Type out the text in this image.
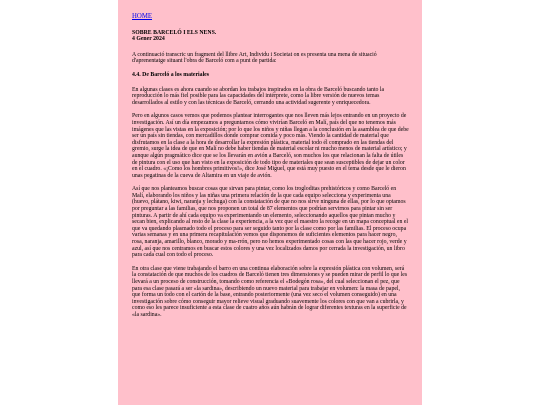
HOME
SOBRE BARCELÓ I ELS NENS.
4 Gener 2024

A continuació transcric un fragment del llibre Art, Individu i Societat on es presenta una mena de situació d'aprenentatge situant l'obra de Barceló com a punt de partida:

4.4. De Barceló a los materiales

En algunas clases es ahora cuando se abordan los trabajos inspirados en la obra de Barceló buscando tanto la reproducción lo más fiel posible para las capacidades del intérprete, como la libre versión de nuevos temas desarrollados al estilo y con las técnicas de Barceló, cerrando una actividad sugerente y enriquecedora.

Pero en algunos casos vemos que podemos plantear interrogantes que nos lleven más lejos entrando en un proyecto de investigación. Así un día empezamos a preguntarnos cómo vivirían Barceló en Malí, país del que no tenemos más imágenes que las vistas en la exposición; por lo que los niños y niñas llegan a la conclusión en la asamblea de que debe ser un país sin tiendas, con mercadillos donde comprar comida y poco más. Viendo la cantidad de material que disfrutamos en la clase a la hora de desarrollar la expresión plástica, material todo él comprado en las tiendas del gremio, surge la idea de que en Malí no debe haber tiendas de material escolar ni mucho menos de material artístico; y aunque algún pragmático dice que se los llevarán en avión a Barceló, son muchos los que relacionan la falta de útiles de pintura con el uso que han visto en la exposición de todo tipo de materiales que sean susceptibles de dejar un color en el cuadro. «¡Como los hombres primitivos!», dice José Miguel, que está muy puesto en el tema desde que le dieron unas pegatinas de la cueva de Altamira en un viaje de avión.

Así que nos planteamos buscar cosas que sirvan para pintar, como los trogloditas prehistóricos y como Barceló en Malí, elaborando los niños y las niñas una primera relación de la que cada equipo selecciona y experimenta una (huevo, plátano, kiwi, naranja y lechuga) con la constatación de que no nos sirve ninguna de ellas, por lo que optamos por preguntar a las familias, que nos proponen un total de 87 elementos que podrían servirnos para pintar sin ser pinturas. A partir de ahí cada equipo va experimentando un elemento, seleccionando aquellos que pintan mucho y secan bien, explicando al resto de la clase la experiencia, a la vez que el maestro la recoge en un mapa conceptual en el que va quedando plasmado todo el proceso para ser seguido tanto por la clase como por las familias. El proceso ocupa varias semanas y en una primera recapitulación vemos que disponemos de suficientes elementos para hacer negro, rosa, naranja, amarillo, blanco, morado y ma-rrón, pero no hemos experimentado cosas con las que hacer rojo, verde y azul, así que nos centramos en buscar estos colores y una vez localizados damos por cerrada la investigación, un libro para cada cual con todo el proceso.

En otra clase que viene trabajando el barro en una continua elaboración sobre la expresión plástica con volumen, será la constatación de que muchos de los cuadros de Barceló tienen tres dimensiones y se pueden mirar de perfil lo que les llevará a un proceso de construcción, tomando como referencia el «Bodegón rosa», del cual seleccionan el pez, que para esa clase pasará a ser «la sardina», describiendo un nuevo material para trabajar en volumen: la masa de papel, que forma un todo con el cartón de la base, entrando posteriormente (una vez seco el volumen conseguido) en una investigación sobre cómo conseguir mayor relieve visual graduando suavemente los colores con que van a cubrirla, y como eso les parece insuficiente a esta clase de cuatro años aún habrán de lograr diferentes texturas en la superficie de «la sardina».
